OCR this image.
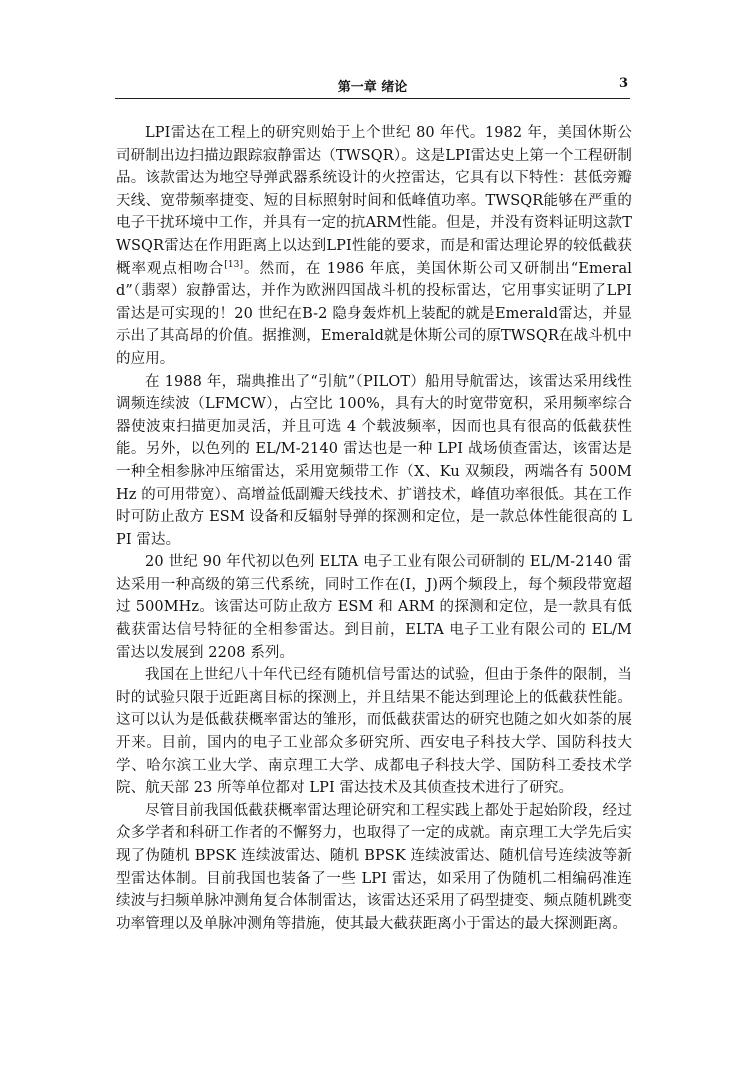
第一章 绪论	3

LPI雷达在工程上的研究则始于上个世纪 80 年代。1982 年，美国休斯公司研制出边扫描边跟踪寂静雷达（TWSQR）。这是LPI雷达史上第一个工程研制品。该款雷达为地空导弹武器系统设计的火控雷达，它具有以下特性：甚低旁瓣天线、宽带频率捷变、短的目标照射时间和低峰值功率。TWSQR能够在严重的电子干扰环境中工作，并具有一定的抗ARM性能。但是，并没有资料证明这款TWSQR雷达在作用距离上以达到LPI性能的要求，而是和雷达理论界的较低截获概率观点相吻合[13]。然而，在 1986 年底，美国休斯公司又研制出“Emerald”（翡翠）寂静雷达，并作为欧洲四国战斗机的投标雷达，它用事实证明了LPI雷达是可实现的！20 世纪在B-2 隐身轰炸机上装配的就是Emerald雷达，并显示出了其高昂的价值。据推测，Emerald就是休斯公司的原TWSQR在战斗机中的应用。

在 1988 年，瑞典推出了“引航”（PILOT）船用导航雷达，该雷达采用线性调频连续波（LFMCW），占空比 100%，具有大的时宽带宽积，采用频率综合器使波束扫描更加灵活，并且可选 4 个载波频率，因而也具有很高的低截获性能。另外，以色列的 EL/M-2140 雷达也是一种 LPI 战场侦查雷达，该雷达是一种全相参脉冲压缩雷达，采用宽频带工作（X、Ku 双频段，两端各有 500MHz 的可用带宽）、高增益低副瓣天线技术、扩谱技术，峰值功率很低。其在工作时可防止敌方 ESM 设备和反辐射导弹的探测和定位，是一款总体性能很高的 LPI 雷达。

20 世纪 90 年代初以色列 ELTA 电子工业有限公司研制的 EL/M-2140 雷达采用一种高级的第三代系统，同时工作在(I，J)两个频段上，每个频段带宽超过 500MHz。该雷达可防止敌方 ESM 和 ARM 的探测和定位，是一款具有低截获雷达信号特征的全相参雷达。到目前，ELTA 电子工业有限公司的 EL/M 雷达以发展到 2208 系列。

我国在上世纪八十年代已经有随机信号雷达的试验，但由于条件的限制，当时的试验只限于近距离目标的探测上，并且结果不能达到理论上的低截获性能。这可以认为是低截获概率雷达的雏形，而低截获雷达的研究也随之如火如荼的展开来。目前，国内的电子工业部众多研究所、西安电子科技大学、国防科技大学、哈尔滨工业大学、南京理工大学、成都电子科技大学、国防科工委技术学院、航天部 23 所等单位都对 LPI 雷达技术及其侦查技术进行了研究。

尽管目前我国低截获概率雷达理论研究和工程实践上都处于起始阶段，经过众多学者和科研工作者的不懈努力，也取得了一定的成就。南京理工大学先后实现了伪随机 BPSK 连续波雷达、随机 BPSK 连续波雷达、随机信号连续波等新型雷达体制。目前我国也装备了一些 LPI 雷达，如采用了伪随机二相编码准连续波与扫频单脉冲测角复合体制雷达，该雷达还采用了码型捷变、频点随机跳变功率管理以及单脉冲测角等措施，使其最大截获距离小于雷达的最大探测距离。
